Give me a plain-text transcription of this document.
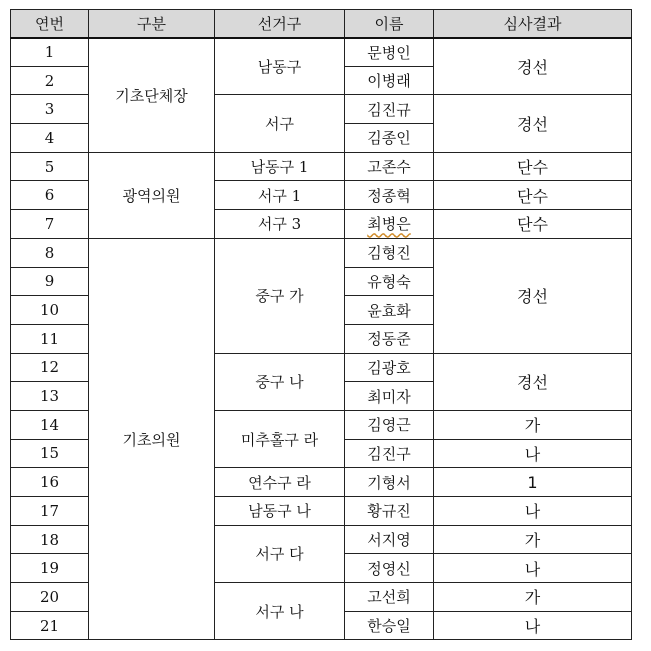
연번	구분	선거구	이름	심사결과
1	기초단체장	남동구	문병인	경선
2			이병래	
3		서구	김진규	경선
4			김종인	
5	광역의원	남동구 1	고존수	단수
6		서구 1	정종혁	단수
7		서구 3	최병은	단수
8	기초의원	중구 가	김형진	경선
9			유형숙	
10			윤효화	
11			정동준	
12		중구 나	김광호	경선
13			최미자	
14		미추홀구 라	김영근	가
15			김진구	나
16		연수구 라	기형서	1
17		남동구 나	황규진	나
18		서구 다	서지영	가
19			정영신	나
20		서구 나	고선희	가
21			한승일	나
